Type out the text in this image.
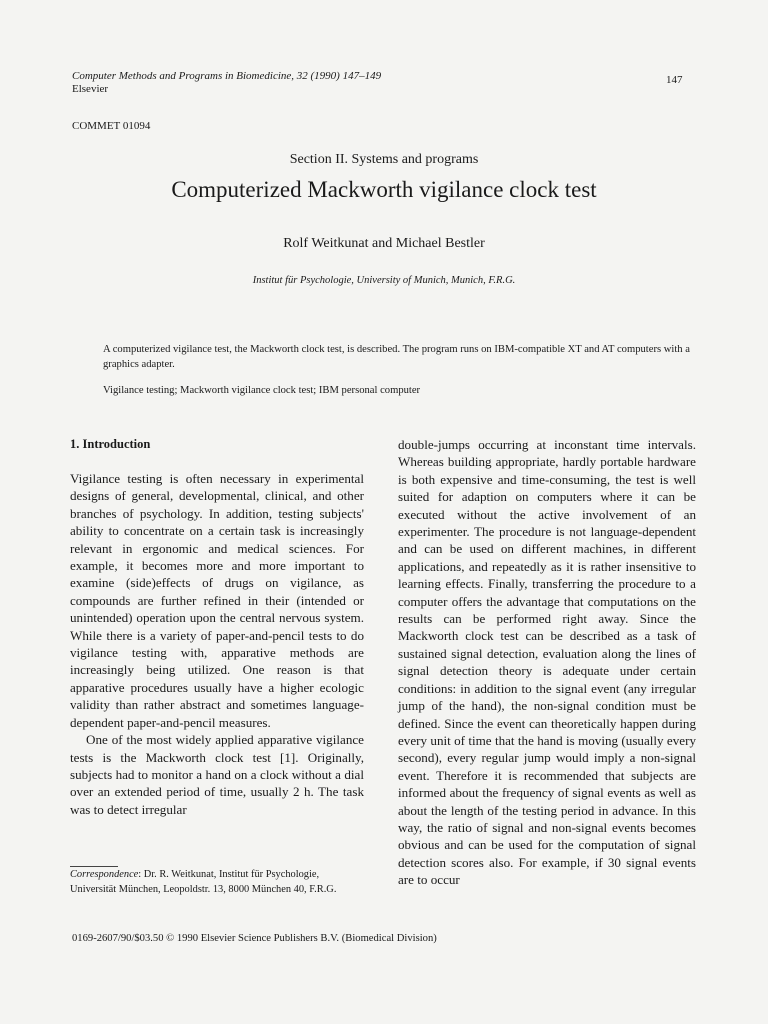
Computer Methods and Programs in Biomedicine, 32 (1990) 147–149
Elsevier
147
COMMET 01094
Section II. Systems and programs
Computerized Mackworth vigilance clock test
Rolf Weitkunat and Michael Bestler
Institut für Psychologie, University of Munich, Munich, F.R.G.
A computerized vigilance test, the Mackworth clock test, is described. The program runs on IBM-compatible XT and AT computers with a graphics adapter.
Vigilance testing; Mackworth vigilance clock test; IBM personal computer
1. Introduction

Vigilance testing is often necessary in experimental designs of general, developmental, clinical, and other branches of psychology. In addition, testing subjects' ability to concentrate on a certain task is increasingly relevant in ergonomic and medical sciences. For example, it becomes more and more important to examine (side)effects of drugs on vigilance, as compounds are further refined in their (intended or unintended) operation upon the central nervous system. While there is a variety of paper-and-pencil tests to do vigilance testing with, apparative methods are increasingly being utilized. One reason is that apparative procedures usually have a higher ecologic validity than rather abstract and sometimes language-dependent paper-and-pencil measures.

One of the most widely applied apparative vigilance tests is the Mackworth clock test [1]. Originally, subjects had to monitor a hand on a clock without a dial over an extended period of time, usually 2 h. The task was to detect irregular

double-jumps occurring at inconstant time intervals. Whereas building appropriate, hardly portable hardware is both expensive and time-consuming, the test is well suited for adaption on computers where it can be executed without the active involvement of an experimenter. The procedure is not language-dependent and can be used on different machines, in different applications, and repeatedly as it is rather insensitive to learning effects. Finally, transferring the procedure to a computer offers the advantage that computations on the results can be performed right away. Since the Mackworth clock test can be described as a task of sustained signal detection, evaluation along the lines of signal detection theory is adequate under certain conditions: in addition to the signal event (any irregular jump of the hand), the non-signal condition must be defined. Since the event can theoretically happen during every unit of time that the hand is moving (usually every second), every regular jump would imply a non-signal event. Therefore it is recommended that subjects are informed about the frequency of signal events as well as about the length of the testing period in advance. In this way, the ratio of signal and non-signal events becomes obvious and can be used for the computation of signal detection scores also. For example, if 30 signal events are to occur

Correspondence: Dr. R. Weitkunat, Institut für Psychologie, Universität München, Leopoldstr. 13, 8000 München 40, F.R.G.
0169-2607/90/$03.50 © 1990 Elsevier Science Publishers B.V. (Biomedical Division)
